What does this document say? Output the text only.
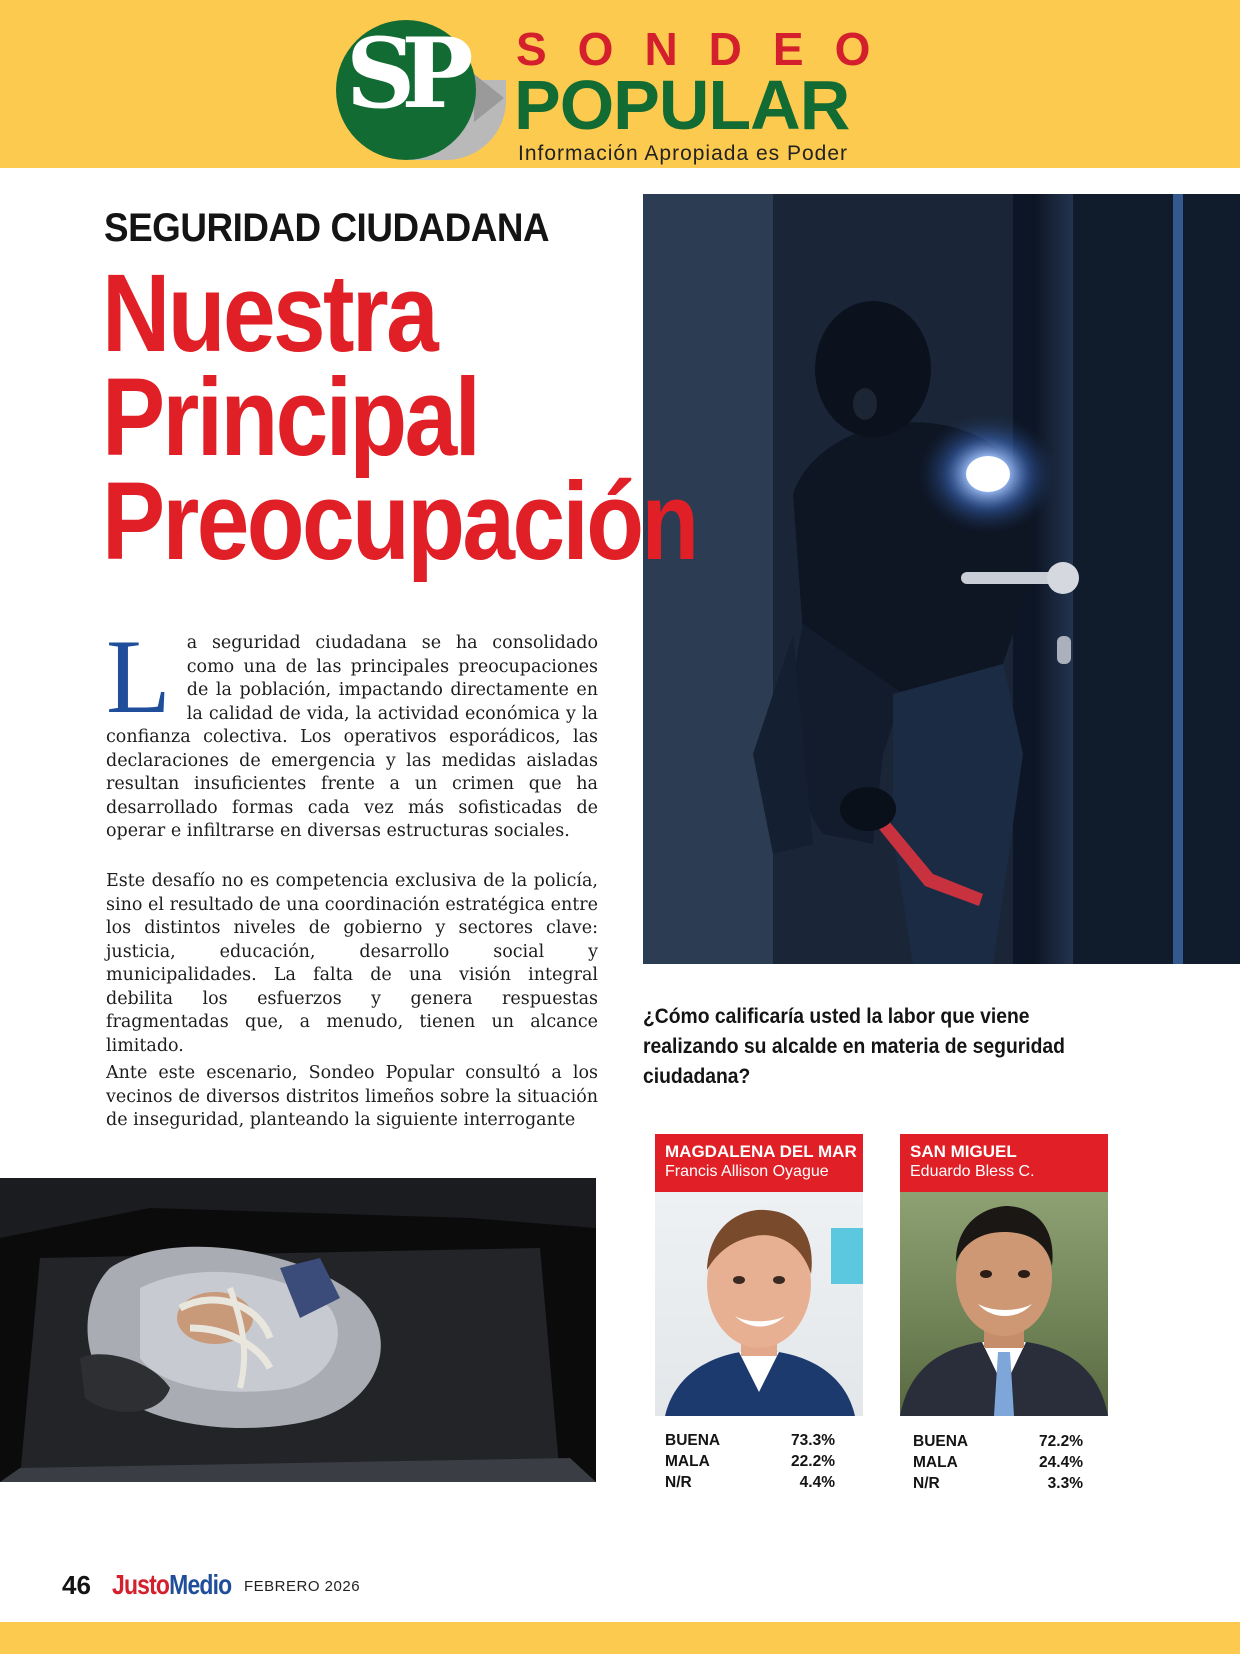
SP SONDEO
POPULAR
Información Apropiada es Poder
SEGURIDAD CIUDADANA
Nuestra
Principal
Preocupación
La seguridad ciudadana se ha consolidado como una de las principales preocupaciones de la población, impactando directamente en la calidad de vida, la actividad económica y la confianza colectiva. Los operativos esporádicos, las declaraciones de emergencia y las medidas aisladas resultan insuficientes frente a un crimen que ha desarrollado formas cada vez más sofisticadas de operar e infiltrarse en diversas estructuras sociales.
Este desafío no es competencia exclusiva de la policía, sino el resultado de una coordinación estratégica entre los distintos niveles de gobierno y sectores clave: justicia, educación, desarrollo social y municipalidades. La falta de una visión integral debilita los esfuerzos y genera respuestas fragmentadas que, a menudo, tienen un alcance limitado.
Ante este escenario, Sondeo Popular consultó a los vecinos de diversos distritos limeños sobre la situación de inseguridad, planteando la siguiente interrogante
¿Cómo calificaría usted la labor que viene realizando su alcalde en materia de seguridad ciudadana?
MAGDALENA DEL MAR
Francis Allison Oyague
BUENA	73.3%
MALA	22.2%
N/R	4.4%
SAN MIGUEL
Eduardo Bless C.
BUENA	72.2%
MALA	24.4%
N/R	3.3%
46 JustoMedio FEBRERO 2026
